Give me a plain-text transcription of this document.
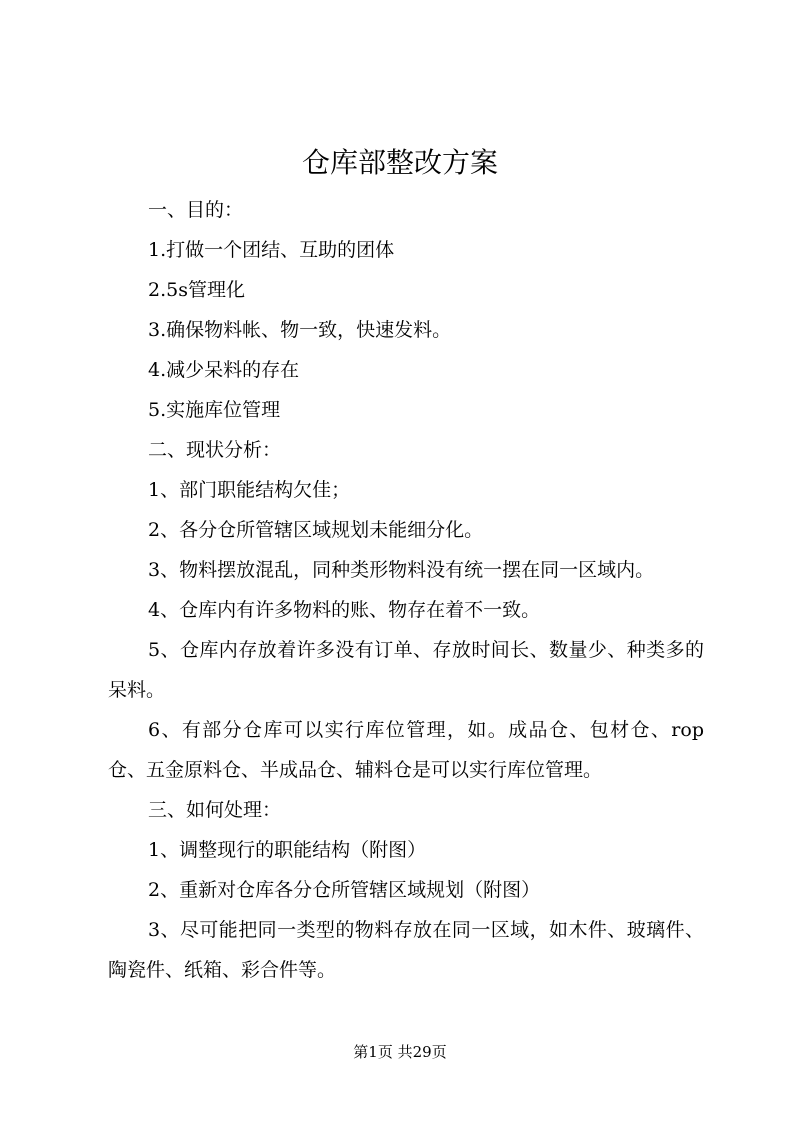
仓库部整改方案

一、目的：

1.打做一个团结、互助的团体

2.5s管理化

3.确保物料帐、物一致，快速发料。

4.减少呆料的存在

5.实施库位管理

二、现状分析：

1、部门职能结构欠佳；

2、各分仓所管辖区域规划未能细分化。

3、物料摆放混乱，同种类形物料没有统一摆在同一区域内。

4、仓库内有许多物料的账、物存在着不一致。

5、仓库内存放着许多没有订单、存放时间长、数量少、种类多的呆料。

6、有部分仓库可以实行库位管理，如。成品仓、包材仓、rop仓、五金原料仓、半成品仓、辅料仓是可以实行库位管理。

三、如何处理：

1、调整现行的职能结构（附图）

2、重新对仓库各分仓所管辖区域规划（附图）

3、尽可能把同一类型的物料存放在同一区域，如木件、玻璃件、陶瓷件、纸箱、彩合件等。

第1页 共29页
